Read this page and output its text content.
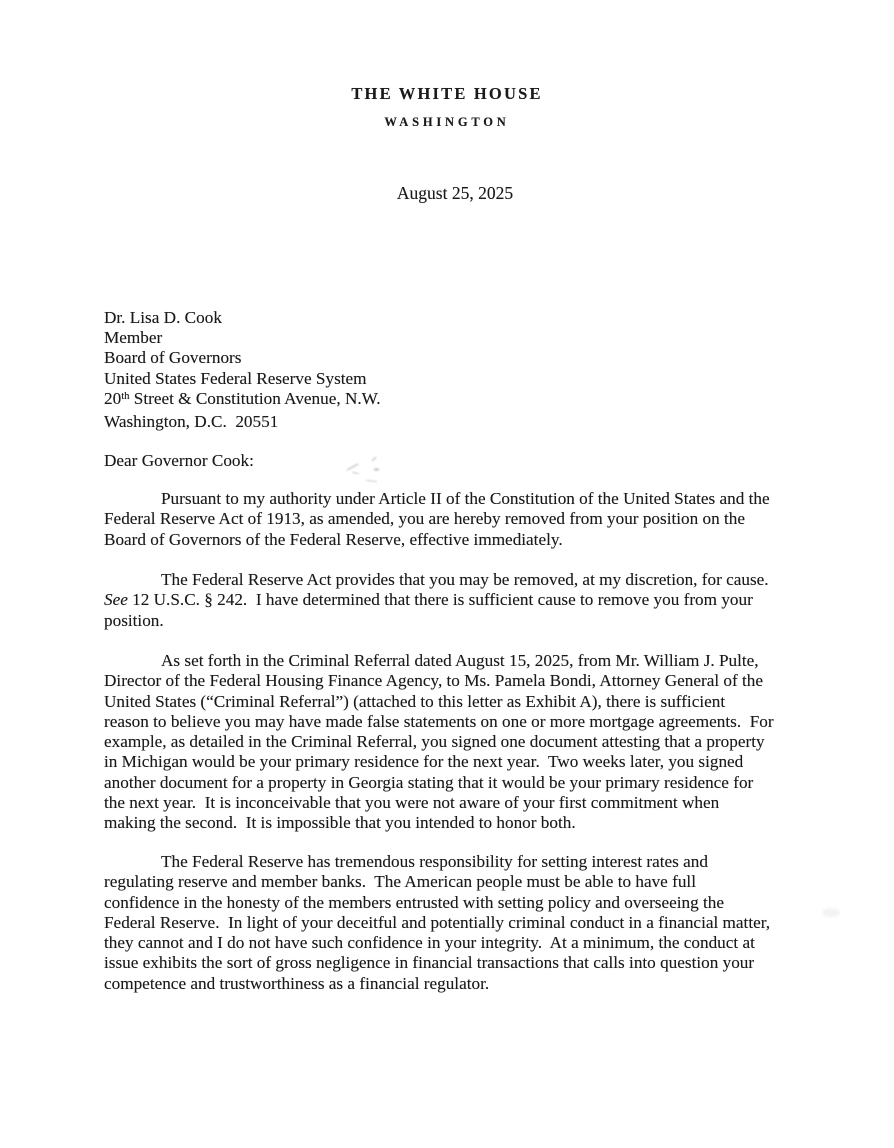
THE WHITE HOUSE
WASHINGTON
August 25, 2025
Dr. Lisa D. Cook
Member
Board of Governors
United States Federal Reserve System
20th Street & Constitution Avenue, N.W.
Washington, D.C.  20551
Dear Governor Cook:
Pursuant to my authority under Article II of the Constitution of the United States and the
Federal Reserve Act of 1913, as amended, you are hereby removed from your position on the
Board of Governors of the Federal Reserve, effective immediately.
The Federal Reserve Act provides that you may be removed, at my discretion, for cause.
See 12 U.S.C. § 242.  I have determined that there is sufficient cause to remove you from your
position.
As set forth in the Criminal Referral dated August 15, 2025, from Mr. William J. Pulte,
Director of the Federal Housing Finance Agency, to Ms. Pamela Bondi, Attorney General of the
United States (“Criminal Referral”) (attached to this letter as Exhibit A), there is sufficient
reason to believe you may have made false statements on one or more mortgage agreements.  For
example, as detailed in the Criminal Referral, you signed one document attesting that a property
in Michigan would be your primary residence for the next year.  Two weeks later, you signed
another document for a property in Georgia stating that it would be your primary residence for
the next year.  It is inconceivable that you were not aware of your first commitment when
making the second.  It is impossible that you intended to honor both.
The Federal Reserve has tremendous responsibility for setting interest rates and
regulating reserve and member banks.  The American people must be able to have full
confidence in the honesty of the members entrusted with setting policy and overseeing the
Federal Reserve.  In light of your deceitful and potentially criminal conduct in a financial matter,
they cannot and I do not have such confidence in your integrity.  At a minimum, the conduct at
issue exhibits the sort of gross negligence in financial transactions that calls into question your
competence and trustworthiness as a financial regulator.
